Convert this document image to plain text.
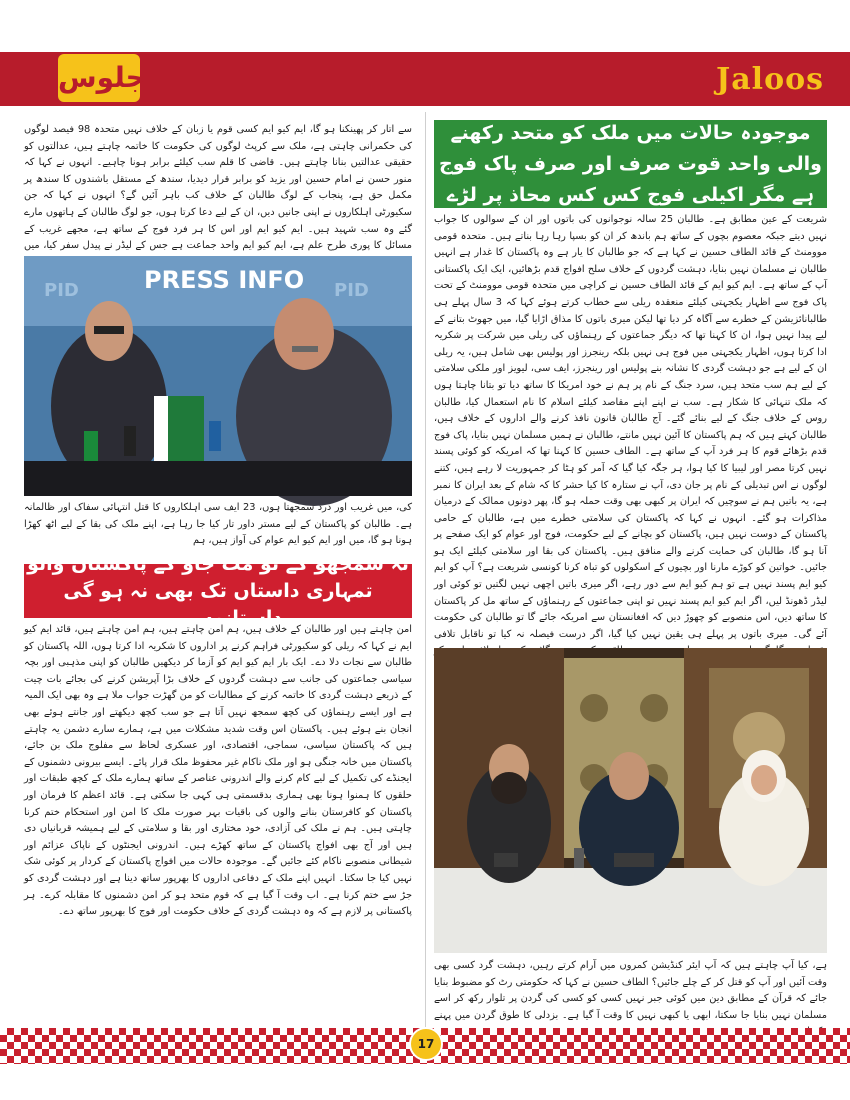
جلوس	Jaloos
موجودہ حالات میں ملک کو متحد رکھنے والی واحد قوت صرف اور صرف پاک فوج ہے مگر اکیلی فوج کس کس محاذ پر لڑے
شریعت کے عین مطابق ہے۔ طالبان 25 سالہ نوجوانوں کی باتوں اور ان کے سوالوں کا جواب نہیں دیتے جبکہ معصوم بچوں کے ساتھ ہم باندھ کر ان کو بسپا رہا رہا بناتے ہیں۔ متحدہ قومی موومنٹ کے قائد الطاف حسین نے کہا ہے کہ جو طالبان کا یار ہے وہ پاکستان کا غدار ہے انہیں طالبان نے مسلمان نہیں بنایا، دہشت گردوں کے خلاف سلح افواج قدم بڑھائیں، ایک ایک پاکستانی آپ کے ساتھ ہے۔ ایم کیو ایم کے قائد الطاف حسین نے کراچی میں متحدہ قومی موومنٹ کے تحت پاک فوج سے اظہار یکجہتی کیلئے منعقدہ ریلی سے خطاب کرتے ہوئے کہا کہ 3 سال پہلے ہی طالبانائزیشن کے خطرے سے آگاہ کر دیا تھا لیکن میری باتوں کا مذاق اڑایا گیا، میں جھوٹ بتانے کے لیے پیدا نہیں ہوا، ان کا کہنا تھا کہ دیگر جماعتوں کے رہنماؤں کی ریلی میں شرکت پر شکریہ ادا کرتا ہوں، اظہار یکجہتی میں فوج ہی نہیں بلکہ رینجرز اور پولیس بھی شامل ہیں، یہ ریلی ان کے لیے ہے جو دہشت گردی کا نشانہ بنے پولیس اور رینجرز، ایف سی، لیویز اور ملکی سلامتی کے لیے ہم سب متحد ہیں، سرد جنگ کے نام پر ہم نے خود امریکا کا ساتھ دیا تو بتانا چاہتا ہوں کہ ملک تنہائی کا شکار ہے۔ سب نے اپنے اپنے مقاصد کیلئے اسلام کا نام استعمال کیا، طالبان روس کے خلاف جنگ کے لیے بنائے گئے۔ آج طالبان قانون نافذ کرنے والے اداروں کے خلاف ہیں، طالبان کہتے ہیں کہ ہم پاکستان کا آئین نہیں مانتے، طالبان نے ہمیں مسلمان نہیں بنایا، پاک فوج قدم بڑھائے قوم کا ہر فرد آپ کے ساتھ ہے۔ الطاف حسین کا کہنا تھا کہ امریکہ کو کوئی پسند نہیں کرتا مصر اور لیبیا کا کیا ہوا، ہر جگہ کیا گیا کہ آمر کو ہٹا کر جمہوریت لا رہے ہیں، کتنے لوگوں نے اس تبدیلی کے نام پر جان دی، آپ نے ستارہ کا کیا حشر کا کہ شام کے بعد ایران کا نمبر ہے، یہ باتیں ہم نے سوچیں کہ ایران پر کبھی بھی وقت حملہ ہو گا، پھر دونوں ممالک کے درمیان مذاکرات ہو گئے۔ انہوں نے کہا کہ پاکستان کی سلامتی خطرے میں ہے، طالبان کے حامی پاکستان کے دوست نہیں ہیں، پاکستان کو بچانے کے لیے حکومت، فوج اور عوام کو ایک صفحے پر آنا ہو گا، طالبان کی حمایت کرنے والے منافق ہیں۔ پاکستان کی بقا اور سلامتی کیلئے ایک ہو جائیں۔ خواتین کو کوڑے مارنا اور بچیوں کے اسکولوں کو تباہ کرنا کونسی شریعت ہے؟ آپ کو ایم کیو ایم پسند نہیں ہے تو ہم کیو ایم سے دور رہے، اگر میری باتیں اچھی نہیں لگتیں تو کوئی اور لیڈر ڈھونڈ لیں، اگر ایم کیو ایم پسند نہیں تو اپنی جماعتوں کے رہنماؤں کے ساتھ مل کر پاکستان کا ساتھ دیں، اس منصوبے کو چھوڑ دیں کہ افغانستان سے امریکہ جائے گا تو طالبان کی حکومت آئے گی۔ میری باتوں پر پہلے ہی یقین نہیں کیا گیا، اگر درست فیصلہ نہ کیا تو ناقابل تلافی
ہے، کیا آپ چاہتے ہیں کہ آپ ایئر کنڈیشن کمروں میں آرام کرتے رہیں، دہشت گرد کسی بھی وقت آئیں اور آپ کو قتل کر کے چلے جائیں؟ الطاف حسین نے کہا کہ حکومتی رٹ کو مضبوط بنایا جائے کہ قرآن کے مطابق دین میں کوئی جبر نہیں کسی کو کسی کی گردن پر تلوار رکھ کر اسے مسلمان نہیں بنایا جا سکتا، ابھی یا کبھی نہیں کا وقت آ گیا ہے۔ بزدلی کا طوق گردن میں پہنے
سے اتار کر پھینکنا ہو گا، ایم کیو ایم کسی قوم یا زبان کے خلاف نہیں متحدہ 98 فیصد لوگوں کی حکمرانی چاہتی ہے، ملک سے کرپٹ لوگوں کی حکومت کا خاتمہ چاہتے ہیں، عدالتوں کو حقیقی عدالتیں بنانا چاہتے ہیں۔ قاضی کا قلم سب کیلئے برابر ہونا چاہیے۔ انہوں نے کہا کہ منور حسن نے امام حسین اور یزید کو برابر قرار دیدیا، سندھ کے مستقل باشندوں کا سندھ پر مکمل حق ہے، پنجاب کے لوگ طالبان کے خلاف کب باہر آئیں گے؟ انہوں نے کہا کہ جن سکیورٹی اہلکاروں نے اپنی جانیں دیں، ان کے لیے دعا کرتا ہوں، جو لوگ طالبان کے ہاتھوں مارے گئے وہ سب شہید ہیں۔ ایم کیو ایم اور اس کا ہر فرد فوج کے ساتھ ہے، مجھے غریب کے مسائل کا پوری طرح علم ہے، ایم کیو ایم واحد جماعت ہے جس کے لیڈر نے پیدل سفر کیا، میں
PID	PID
PRESS INFO
کی، میں غریب اور درد سمجھتا ہوں، 23 ایف سی اہلکاروں کا قتل انتہائی سفاک اور ظالمانہ ہے۔ طالبان کو پاکستان کے لیے مستر داور تار کیا جا رہا ہے، اپنے ملک کی بقا کے لیے اٹھ کھڑا ہونا ہو گا، میں اور ایم کیو ایم عوام کی آواز ہیں، ہم
نہ سمجھو گے تو مٹ جاؤ گے پاکستان والو تمہاری داستاں تک بھی نہ ہو گی داستانوں میں
امن چاہتے ہیں اور طالبان کے خلاف ہیں، ہم امن چاہتے ہیں، ہم امن چاہتے ہیں، قائد ایم کیو ایم نے کہا کہ ریلی کو سکیورٹی فراہم کرنے پر اداروں کا شکریہ ادا کرتا ہوں، اللہ پاکستان کو طالبان سے نجات دلا دے۔ ایک بار ایم کیو ایم کو آزما کر دیکھیں طالبان کو اپنی مذہبی اور بچہ سیاسی جماعتوں کی جانب سے دہشت گردوں کے خلاف بڑا آپریشن کرنے کی بجائے بات چیت کے ذریعے دہشت گردی کا خاتمہ کرنے کے مطالبات کو من گھڑت جواب ملا ہے وہ بھی ایک المیہ ہے اور ایسے رہنماؤں کی کچھ سمجھ نہیں آتا ہے جو سب کچھ دیکھتے اور جانتے ہوئے بھی انجان بنے ہوئے ہیں۔ پاکستان اس وقت شدید مشکلات میں ہے، ہمارے سارے دشمن یہ چاہتے ہیں کہ پاکستان سیاسی، سماجی، اقتصادی، اور عسکری لحاظ سے مفلوج ملک بن جائے، پاکستان میں خانہ جنگی ہو اور ملک ناکام غیر محفوظ ملک قرار پائے۔ ایسے بیرونی دشمنوں کے ایجنڈے کی تکمیل کے لیے کام کرنے والے اندرونی عناصر کے ساتھ ہمارے ملک کے کچھ طبقات اور حلقوں کا ہمنوا ہونا بھی ہماری بدقسمتی ہی کہی جا سکتی ہے۔ قائد اعظم کا فرمان اور پاکستان کو کافرستان بنانے والوں کی باقیات بہر صورت ملک کا امن اور استحکام ختم کرنا چاہتی ہیں۔ ہم نے ملک کی آزادی، خود مختاری اور بقا و سلامتی کے لیے ہمیشہ قربانیاں دی ہیں اور آج بھی افواج پاکستان کے ساتھ کھڑے ہیں۔ اندرونی ایجنٹوں کے ناپاک عزائم اور شیطانی منصوبے ناکام کئے جائیں گے۔ موجودہ حالات میں افواج پاکستان کے کردار پر کوئی شک نہیں کیا جا سکتا۔ انہیں اپنے ملک کے دفاعی اداروں کا بھرپور ساتھ دینا ہے اور دہشت گردی کو جڑ سے ختم کرنا ہے۔ اب وقت آ گیا ہے کہ قوم متحد ہو کر امن دشمنوں کا مقابلہ کرے۔ ہر پاکستانی پر لازم ہے کہ وہ دہشت گردی کے خلاف حکومت اور فوج کا بھرپور ساتھ دے۔
17
